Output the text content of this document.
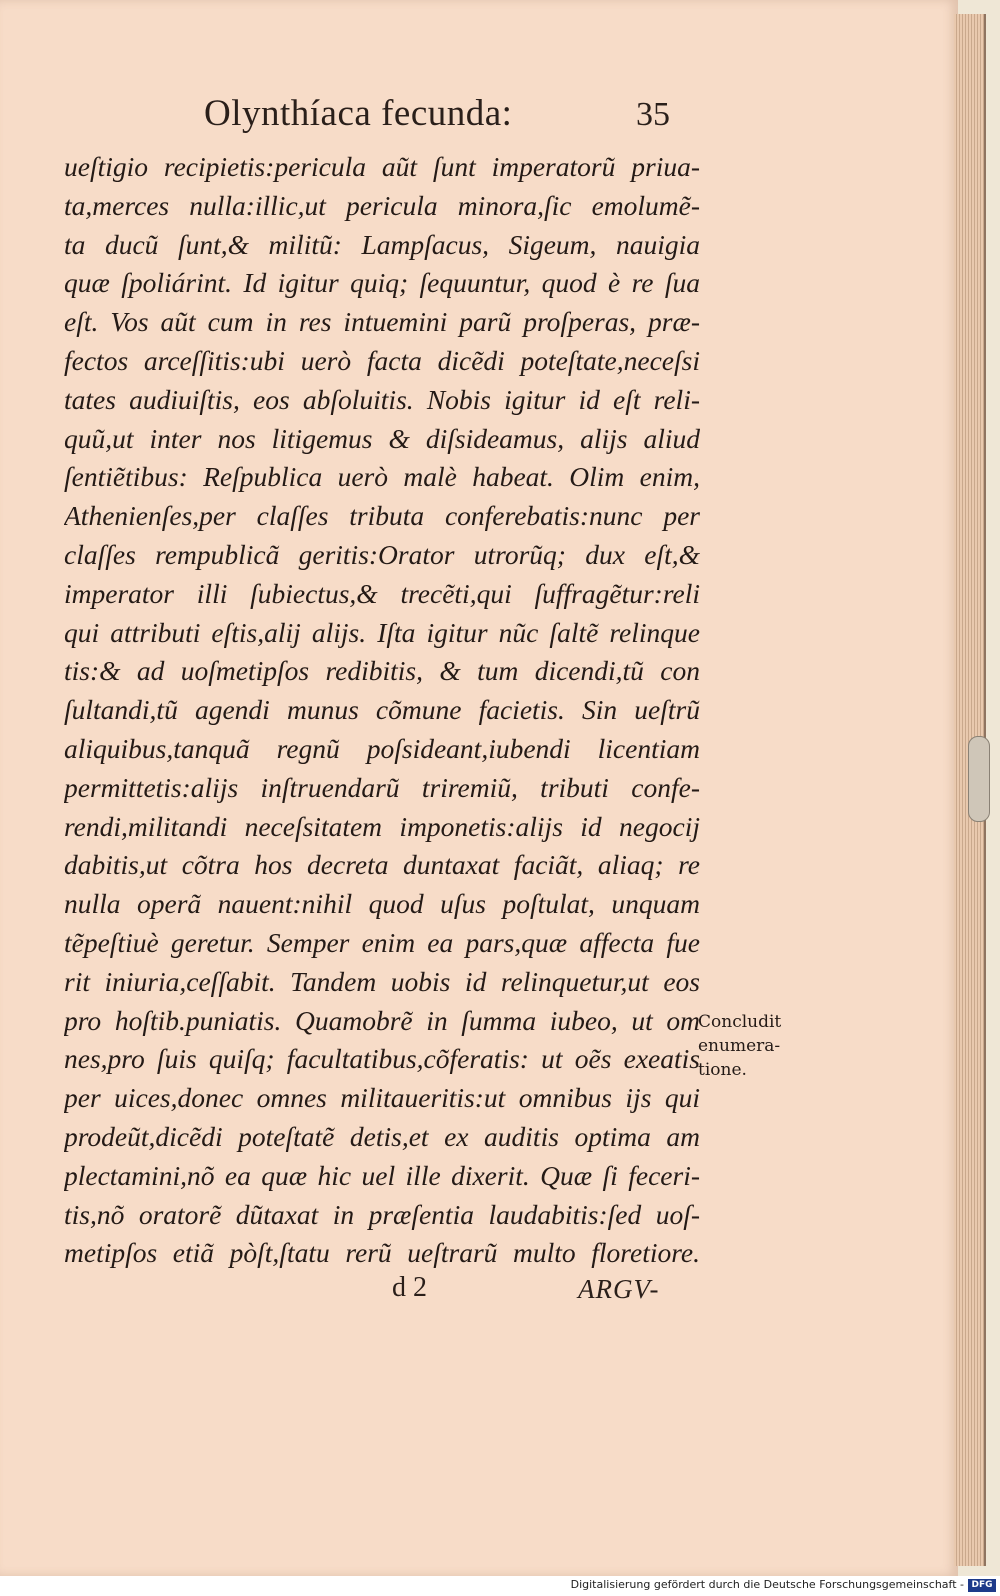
Olynthíaca fecunda:	35
ueſtigio recipietis:pericula aũt ſunt imperatorũ priua-
ta,merces nulla:illic,ut pericula minora,ſic emolumẽ-
ta ducũ ſunt,& militũ: Lampſacus, Sigeum, nauigia
quæ ſpoliárint. Id igitur quiq; ſequuntur, quod è re ſua
eſt. Vos aũt cum in res intuemini parũ proſperas, præ-
fectos arceſſitis:ubi uerò facta dicẽdi poteſtate,neceſsi
tates audiuiſtis, eos abſoluitis. Nobis igitur id eſt reli-
quũ,ut inter nos litigemus & diſsideamus, alijs aliud
ſentiẽtibus: Reſpublica uerò malè habeat. Olim enim,
Athenienſes,per claſſes tributa conferebatis:nunc per
claſſes rempublicã geritis:Orator utrorũq; dux eſt,&
imperator illi ſubiectus,& trecẽti,qui ſuffragẽtur:reli
qui attributi eſtis,alij alijs. Iſta igitur nũc ſaltẽ relinque
tis:& ad uoſmetipſos redibitis, & tum dicendi,tũ con
ſultandi,tũ agendi munus cõmune facietis. Sin ueſtrũ
aliquibus,tanquã regnũ poſsideant,iubendi licentiam
permittetis:alijs inſtruendarũ triremiũ, tributi confe-
rendi,militandi neceſsitatem imponetis:alijs id negocij
dabitis,ut cõtra hos decreta duntaxat faciãt, aliaq; re
nulla operã nauent:nihil quod uſus poſtulat, unquam
tẽpeſtiuè geretur. Semper enim ea pars,quæ affecta fue
rit iniuria,ceſſabit. Tandem uobis id relinquetur,ut eos
pro hoſtib.puniatis. Quamobrẽ in ſumma iubeo, ut om
nes,pro ſuis quiſq; facultatibus,cõferatis: ut oẽs exeatis
per uices,donec omnes militaueritis:ut omnibus ijs qui
prodeũt,dicẽdi poteſtatẽ detis,et ex auditis optima am
plectamini,nõ ea quæ hic uel ille dixerit. Quæ ſi feceri-
tis,nõ oratorẽ dũtaxat in præſentia laudabitis:ſed uoſ-
metipſos etiã pòſt,ſtatu rerũ ueſtrarũ multo floretiore.
Concludit
enumera-
tione.
d 2	ARGV-
Digitalisierung gefördert durch die Deutsche Forschungsgemeinschaft - DFG
